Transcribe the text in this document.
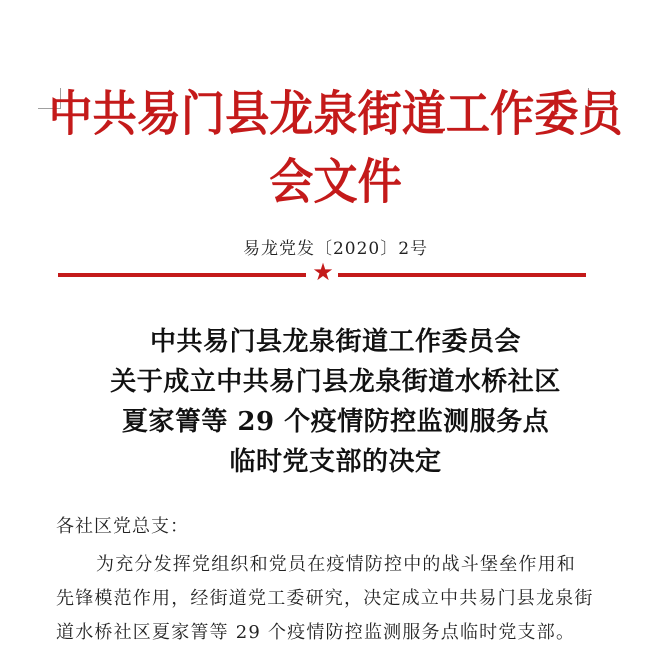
中共易门县龙泉街道工作委员会文件
易龙党发〔2020〕2号
★
中共易门县龙泉街道工作委员会
关于成立中共易门县龙泉街道水桥社区
夏家箐等 29 个疫情防控监测服务点
临时党支部的决定
各社区党总支：
为充分发挥党组织和党员在疫情防控中的战斗堡垒作用和
先锋模范作用，经街道党工委研究，决定成立中共易门县龙泉街
道水桥社区夏家箐等 29 个疫情防控监测服务点临时党支部。
